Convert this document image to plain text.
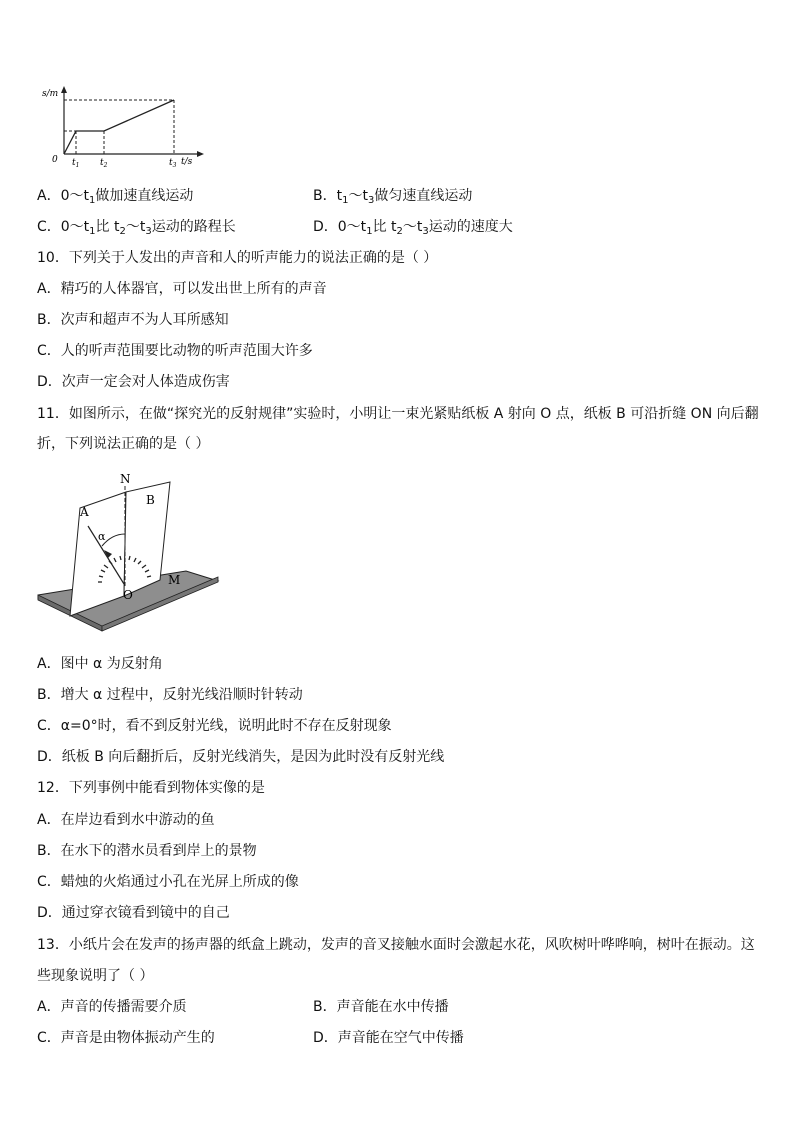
s/m
t/s
0 $t_1$ $t_2$	$t_3$
A．$0\sim t_1$做加速直线运动	B．$t_1\sim t_3$做匀速直线运动
C．$0\sim t_1$比 $t_2\sim t_3$运动的路程长	D．$0\sim t_1$比 $t_2\sim t_3$运动的速度大
10．下列关于人发出的声音和人的听声能力的说法正确的是（ ）
A．精巧的人体器官，可以发出世上所有的声音
B．次声和超声不为人耳所感知
C．人的听声范围要比动物的听声范围大许多
D．次声一定会对人体造成伤害
11．如图所示，在做“探究光的反射规律”实验时，小明让一束光紧贴纸板 A 射向 O 点，纸板 B 可沿折缝 ON 向后翻
折，下列说法正确的是（ ）
N
A
B
α
O
M
A．图中 α 为反射角
B．增大 α 过程中，反射光线沿顺时针转动
C．α=0°时，看不到反射光线，说明此时不存在反射现象
D．纸板 B 向后翻折后，反射光线消失，是因为此时没有反射光线
12．下列事例中能看到物体实像的是
A．在岸边看到水中游动的鱼
B．在水下的潜水员看到岸上的景物
C．蜡烛的火焰通过小孔在光屏上所成的像
D．通过穿衣镜看到镜中的自己
13．小纸片会在发声的扬声器的纸盒上跳动，发声的音叉接触水面时会激起水花，风吹树叶哗哗响，树叶在振动。这
些现象说明了（ ）
A．声音的传播需要介质	B．声音能在水中传播
C．声音是由物体振动产生的	D．声音能在空气中传播
